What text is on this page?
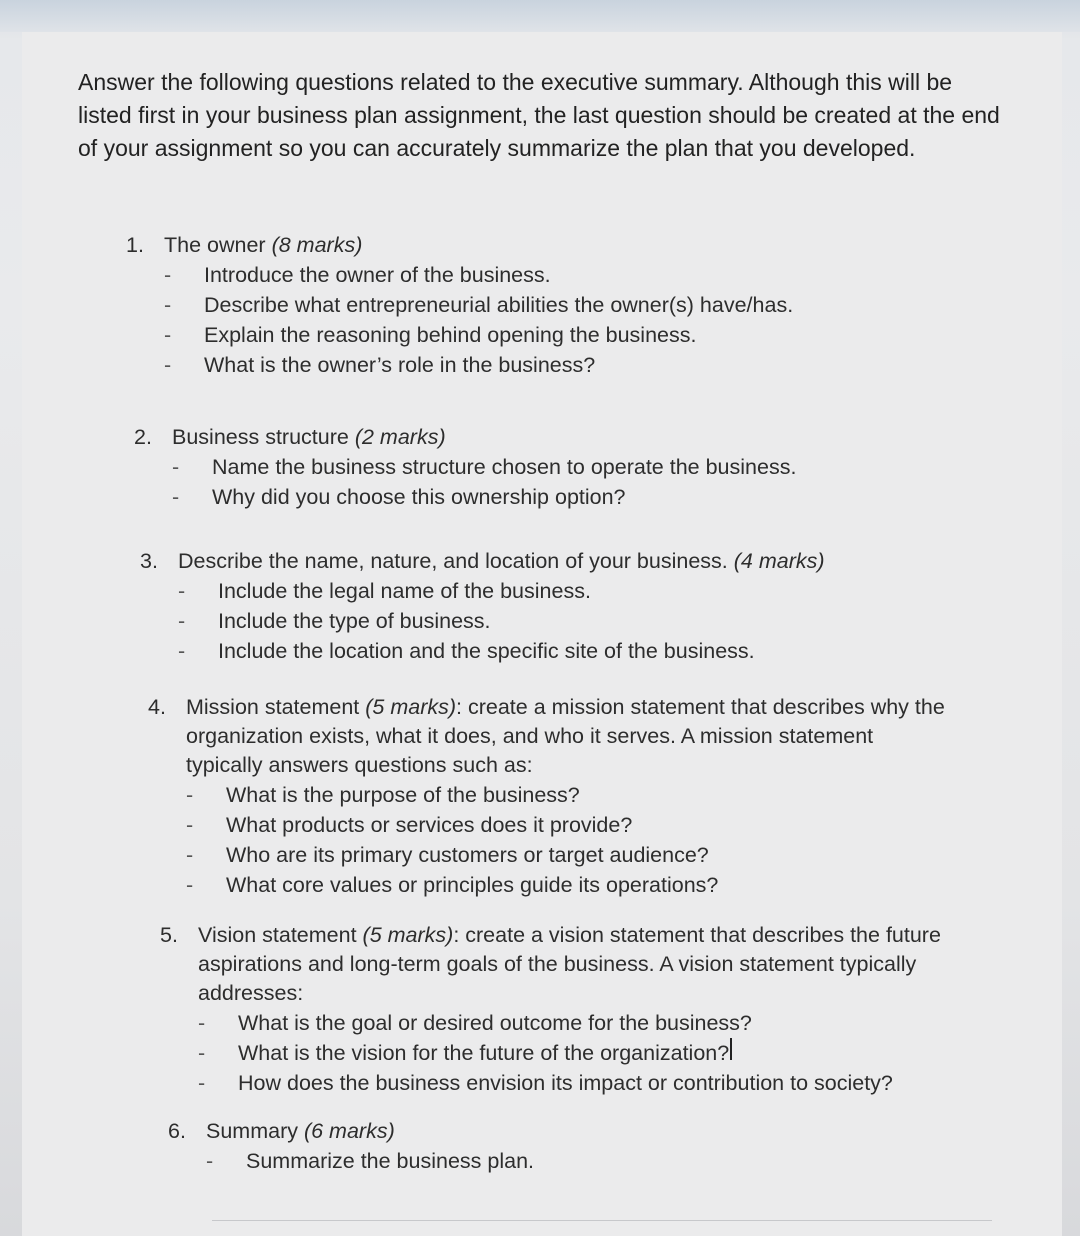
Answer the following questions related to the executive summary. Although this will be listed first in your business plan assignment, the last question should be created at the end of your assignment so you can accurately summarize the plan that you developed.
1. The owner (8 marks)
-	Introduce the owner of the business.
-	Describe what entrepreneurial abilities the owner(s) have/has.
-	Explain the reasoning behind opening the business.
-	What is the owner’s role in the business?
2. Business structure (2 marks)
-	Name the business structure chosen to operate the business.
-	Why did you choose this ownership option?
3. Describe the name, nature, and location of your business. (4 marks)
-	Include the legal name of the business.
-	Include the type of business.
-	Include the location and the specific site of the business.
4. Mission statement (5 marks): create a mission statement that describes why the
organization exists, what it does, and who it serves. A mission statement
typically answers questions such as:
-	What is the purpose of the business?
-	What products or services does it provide?
-	Who are its primary customers or target audience?
-	What core values or principles guide its operations?
5. Vision statement (5 marks): create a vision statement that describes the future
aspirations and long-term goals of the business. A vision statement typically
addresses:
-	What is the goal or desired outcome for the business?
-	What is the vision for the future of the organization?
-	How does the business envision its impact or contribution to society?
6. Summary (6 marks)
-	Summarize the business plan.
